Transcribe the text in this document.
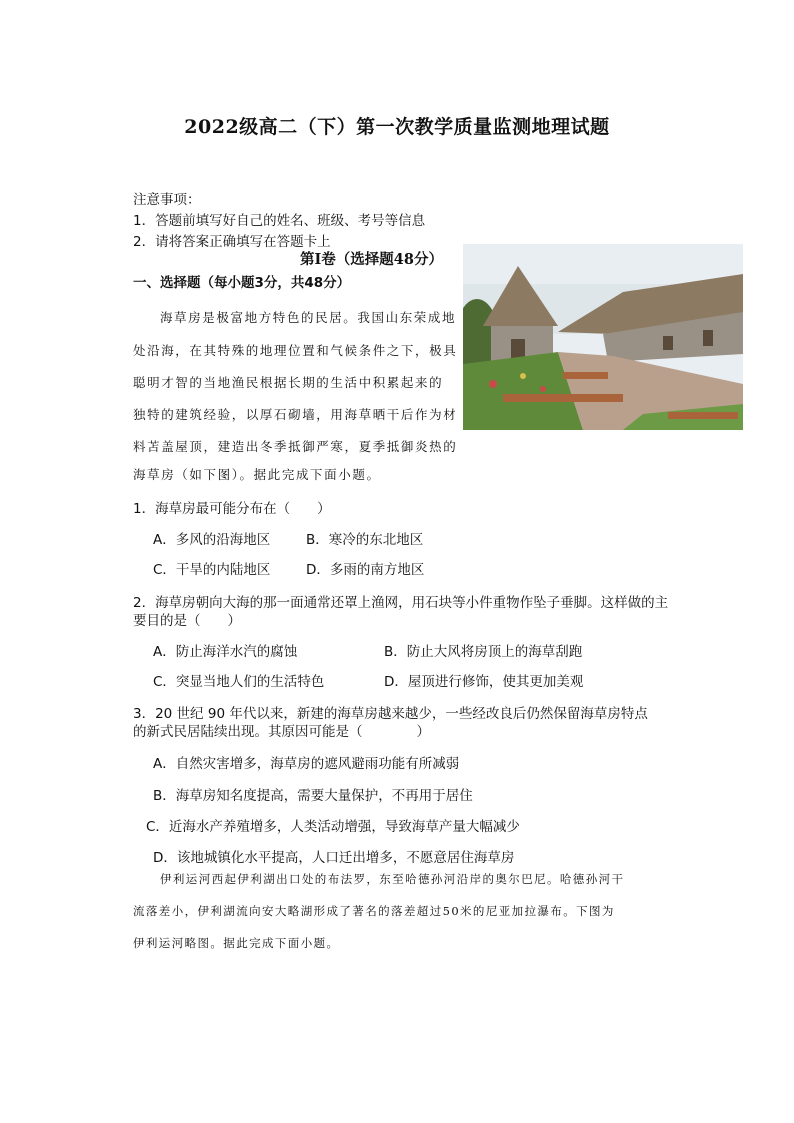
2022级高二（下）第一次教学质量监测地理试题
注意事项：
1．答题前填写好自己的姓名、班级、考号等信息
2．请将答案正确填写在答题卡上
第Ⅰ卷（选择题48分）
一、选择题（每小题3分，共48分）
海草房是极富地方特色的民居。我国山东荣成地
处沿海，在其特殊的地理位置和气候条件之下，极具
聪明才智的当地渔民根据长期的生活中积累起来的
独特的建筑经验，以厚石砌墙，用海草晒干后作为材
料苫盖屋顶，建造出冬季抵御严寒，夏季抵御炎热的
海草房（如下图）。据此完成下面小题。
1．海草房最可能分布在（　　）
A．多风的沿海地区	B．寒冷的东北地区
C．干旱的内陆地区	D．多雨的南方地区
2．海草房朝向大海的那一面通常还罩上渔网，用石块等小件重物作坠子垂脚。这样做的主
要目的是（　　）
A．防止海洋水汽的腐蚀	B．防止大风将房顶上的海草刮跑
C．突显当地人们的生活特色	D．屋顶进行修饰，使其更加美观
3．20 世纪 90 年代以来，新建的海草房越来越少，一些经改良后仍然保留海草房特点
的新式民居陆续出现。其原因可能是（　　　　）
A．自然灾害增多，海草房的遮风避雨功能有所减弱
B．海草房知名度提高，需要大量保护，不再用于居住
C．近海水产养殖增多，人类活动增强，导致海草产量大幅减少
D．该地城镇化水平提高，人口迁出增多，不愿意居住海草房
伊利运河西起伊利湖出口处的布法罗，东至哈德孙河沿岸的奥尔巴尼。哈德孙河干
流落差小，伊利湖流向安大略湖形成了著名的落差超过50米的尼亚加拉瀑布。下图为
伊利运河略图。据此完成下面小题。
